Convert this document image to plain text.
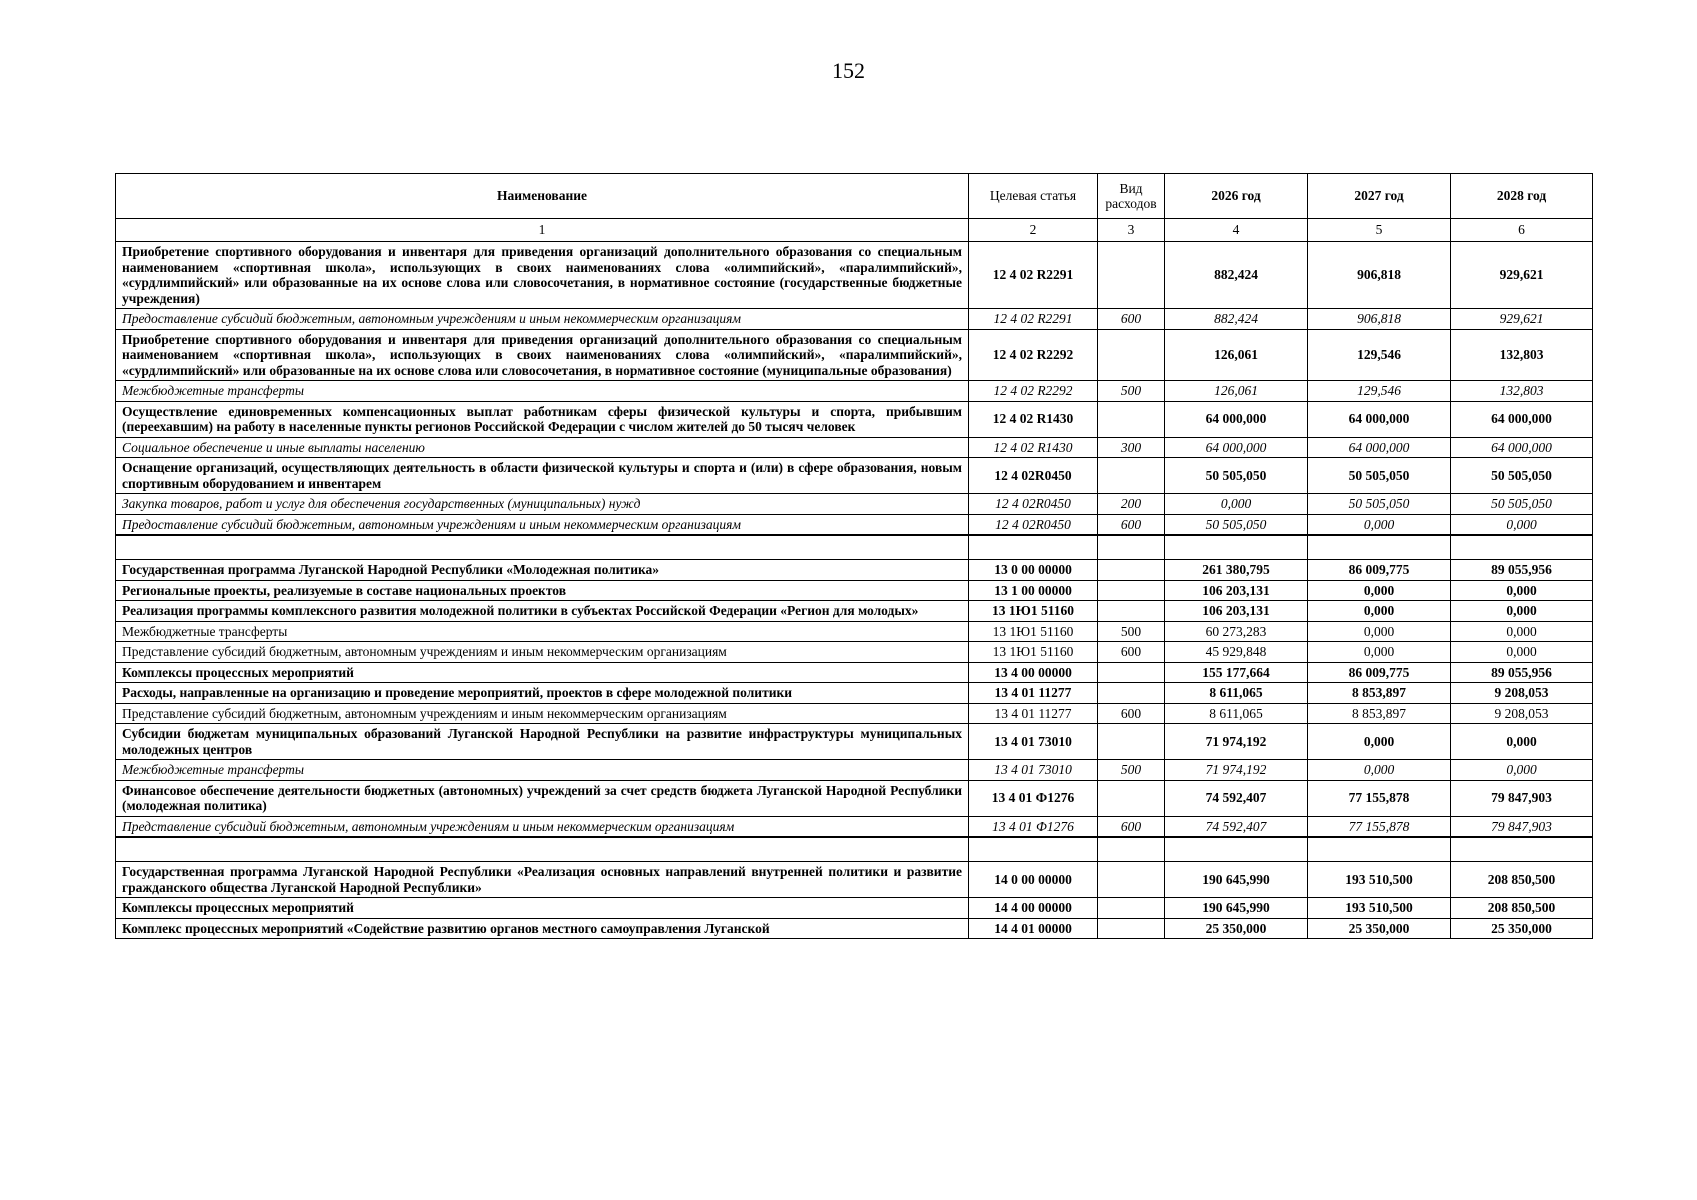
152
Наименование	Целевая статья	Вид расходов	2026 год	2027 год	2028 год
1	2	3	4	5	6
Приобретение спортивного оборудования и инвентаря для приведения организаций дополнительного образования со специальным наименованием «спортивная школа», использующих в своих наименованиях слова «олимпийский», «паралимпийский», «сурдлимпийский» или образованные на их основе слова или словосочетания, в нормативное состояние (государственные бюджетные учреждения)	12 4 02 R2291		882,424	906,818	929,621
Предоставление субсидий бюджетным, автономным учреждениям и иным некоммерческим организациям	12 4 02 R2291	600	882,424	906,818	929,621
Приобретение спортивного оборудования и инвентаря для приведения организаций дополнительного образования со специальным наименованием «спортивная школа», использующих в своих наименованиях слова «олимпийский», «паралимпийский», «сурдлимпийский» или образованные на их основе слова или словосочетания, в нормативное состояние (муниципальные образования)	12 4 02 R2292		126,061	129,546	132,803
Межбюджетные трансферты	12 4 02 R2292	500	126,061	129,546	132,803
Осуществление единовременных компенсационных выплат работникам сферы физической культуры и спорта, прибывшим (переехавшим) на работу в населенные пункты регионов Российской Федерации с числом жителей до 50 тысяч человек	12 4 02 R1430		64 000,000	64 000,000	64 000,000
Социальное обеспечение и иные выплаты населению	12 4 02 R1430	300	64 000,000	64 000,000	64 000,000
Оснащение организаций, осуществляющих деятельность в области физической культуры и спорта и (или) в сфере образования, новым спортивным оборудованием и инвентарем	12 4 02R0450		50 505,050	50 505,050	50 505,050
Закупка товаров, работ и услуг для обеспечения государственных (муниципальных) нужд	12 4 02R0450	200	0,000	50 505,050	50 505,050
Предоставление субсидий бюджетным, автономным учреждениям и иным некоммерческим организациям	12 4 02R0450	600	50 505,050	0,000	0,000

Государственная программа Луганской Народной Республики «Молодежная политика»	13 0 00 00000		261 380,795	86 009,775	89 055,956
Региональные проекты, реализуемые в составе национальных проектов	13 1 00 00000		106 203,131	0,000	0,000
Реализация программы комплексного развития молодежной политики в субъектах Российской Федерации «Регион для молодых»	13 1Ю1 51160		106 203,131	0,000	0,000
Межбюджетные трансферты	13 1Ю1 51160	500	60 273,283	0,000	0,000
Представление субсидий бюджетным, автономным учреждениям и иным некоммерческим организациям	13 1Ю1 51160	600	45 929,848	0,000	0,000
Комплексы процессных мероприятий	13 4 00 00000		155 177,664	86 009,775	89 055,956
Расходы, направленные на организацию и проведение мероприятий, проектов в сфере молодежной политики	13 4 01 11277		8 611,065	8 853,897	9 208,053
Представление субсидий бюджетным, автономным учреждениям и иным некоммерческим организациям	13 4 01 11277	600	8 611,065	8 853,897	9 208,053
Субсидии бюджетам муниципальных образований Луганской Народной Республики на развитие инфраструктуры муниципальных молодежных центров	13 4 01 73010		71 974,192	0,000	0,000
Межбюджетные трансферты	13 4 01 73010	500	71 974,192	0,000	0,000
Финансовое обеспечение деятельности бюджетных (автономных) учреждений за счет средств бюджета Луганской Народной Республики (молодежная политика)	13 4 01 Ф1276		74 592,407	77 155,878	79 847,903
Представление субсидий бюджетным, автономным учреждениям и иным некоммерческим организациям	13 4 01 Ф1276	600	74 592,407	77 155,878	79 847,903

Государственная программа Луганской Народной Республики «Реализация основных направлений внутренней политики и развитие гражданского общества Луганской Народной Республики»	14 0 00 00000		190 645,990	193 510,500	208 850,500
Комплексы процессных мероприятий	14 4 00 00000		190 645,990	193 510,500	208 850,500
Комплекс процессных мероприятий «Содействие развитию органов местного самоуправления Луганской	14 4 01 00000		25 350,000	25 350,000	25 350,000
